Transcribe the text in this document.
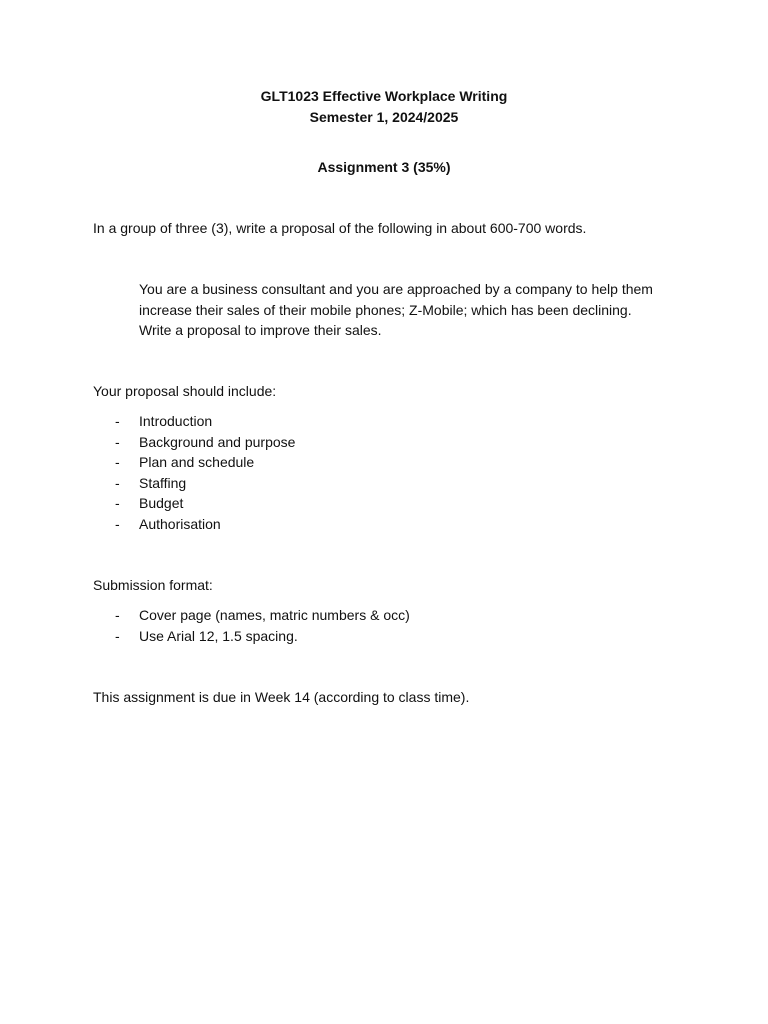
GLT1023 Effective Workplace Writing
Semester 1, 2024/2025
Assignment 3 (35%)
In a group of three (3), write a proposal of the following in about 600-700 words.
You are a business consultant and you are approached by a company to help them
increase their sales of their mobile phones; Z-Mobile; which has been declining.
Write a proposal to improve their sales.
Your proposal should include:
- Introduction
- Background and purpose
- Plan and schedule
- Staffing
- Budget
- Authorisation
Submission format:
- Cover page (names, matric numbers & occ)
- Use Arial 12, 1.5 spacing.
This assignment is due in Week 14 (according to class time).
